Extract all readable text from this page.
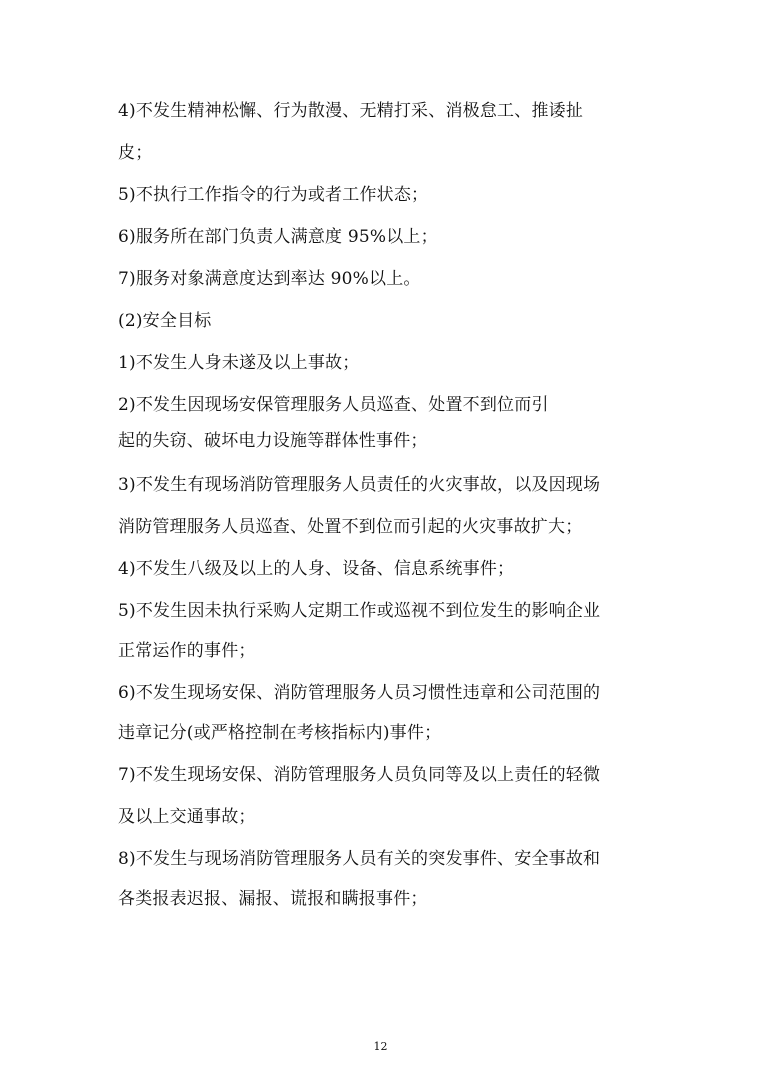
4)不发生精神松懈、行为散漫、无精打采、消极怠工、推诿扯
皮；
5)不执行工作指令的行为或者工作状态；
6)服务所在部门负责人满意度 95%以上；
7)服务对象满意度达到率达 90%以上。
(2)安全目标
1)不发生人身未遂及以上事故；
2)不发生因现场安保管理服务人员巡查、处置不到位而引
起的失窃、破坏电力设施等群体性事件；
3)不发生有现场消防管理服务人员责任的火灾事故，以及因现场
消防管理服务人员巡查、处置不到位而引起的火灾事故扩大；
4)不发生八级及以上的人身、设备、信息系统事件；
5)不发生因未执行采购人定期工作或巡视不到位发生的影响企业
正常运作的事件；
6)不发生现场安保、消防管理服务人员习惯性违章和公司范围的
违章记分(或严格控制在考核指标内)事件；
7)不发生现场安保、消防管理服务人员负同等及以上责任的轻微
及以上交通事故；
8)不发生与现场消防管理服务人员有关的突发事件、安全事故和
各类报表迟报、漏报、谎报和瞒报事件；
12
